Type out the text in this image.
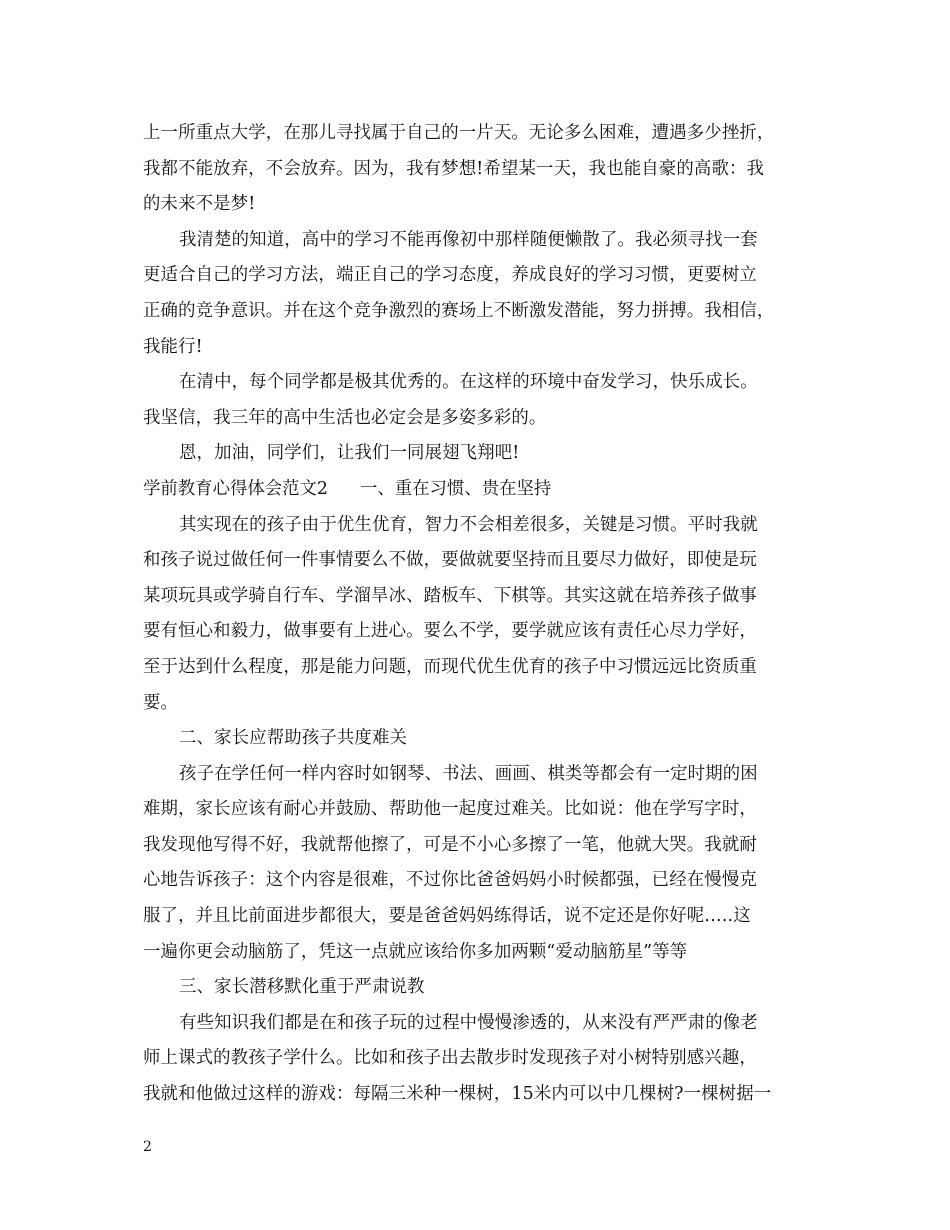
上一所重点大学，在那儿寻找属于自己的一片天。无论多么困难，遭遇多少挫折，
我都不能放弃，不会放弃。因为，我有梦想!希望某一天，我也能自豪的高歌：我
的未来不是梦!
我清楚的知道，高中的学习不能再像初中那样随便懒散了。我必须寻找一套
更适合自己的学习方法，端正自己的学习态度，养成良好的学习习惯，更要树立
正确的竞争意识。并在这个竞争激烈的赛场上不断激发潜能，努力拼搏。我相信，
我能行!
在清中，每个同学都是极其优秀的。在这样的环境中奋发学习，快乐成长。
我坚信，我三年的高中生活也必定会是多姿多彩的。
恩，加油，同学们，让我们一同展翅飞翔吧!
学前教育心得体会范文2 一、重在习惯、贵在坚持
其实现在的孩子由于优生优育，智力不会相差很多，关键是习惯。平时我就
和孩子说过做任何一件事情要么不做，要做就要坚持而且要尽力做好，即使是玩
某项玩具或学骑自行车、学溜旱冰、踏板车、下棋等。其实这就在培养孩子做事
要有恒心和毅力，做事要有上进心。要么不学，要学就应该有责任心尽力学好，
至于达到什么程度，那是能力问题，而现代优生优育的孩子中习惯远远比资质重
要。
二、家长应帮助孩子共度难关
孩子在学任何一样内容时如钢琴、书法、画画、棋类等都会有一定时期的困
难期，家长应该有耐心并鼓励、帮助他一起度过难关。比如说：他在学写字时，
我发现他写得不好，我就帮他擦了，可是不小心多擦了一笔，他就大哭。我就耐
心地告诉孩子：这个内容是很难，不过你比爸爸妈妈小时候都强，已经在慢慢克
服了，并且比前面进步都很大，要是爸爸妈妈练得话，说不定还是你好呢…..这
一遍你更会动脑筋了，凭这一点就应该给你多加两颗“爱动脑筋星”等等
三、家长潜移默化重于严肃说教
有些知识我们都是在和孩子玩的过程中慢慢渗透的，从来没有严严肃的像老
师上课式的教孩子学什么。比如和孩子出去散步时发现孩子对小树特别感兴趣，
我就和他做过这样的游戏：每隔三米种一棵树，15米内可以中几棵树?一棵树据一
2
